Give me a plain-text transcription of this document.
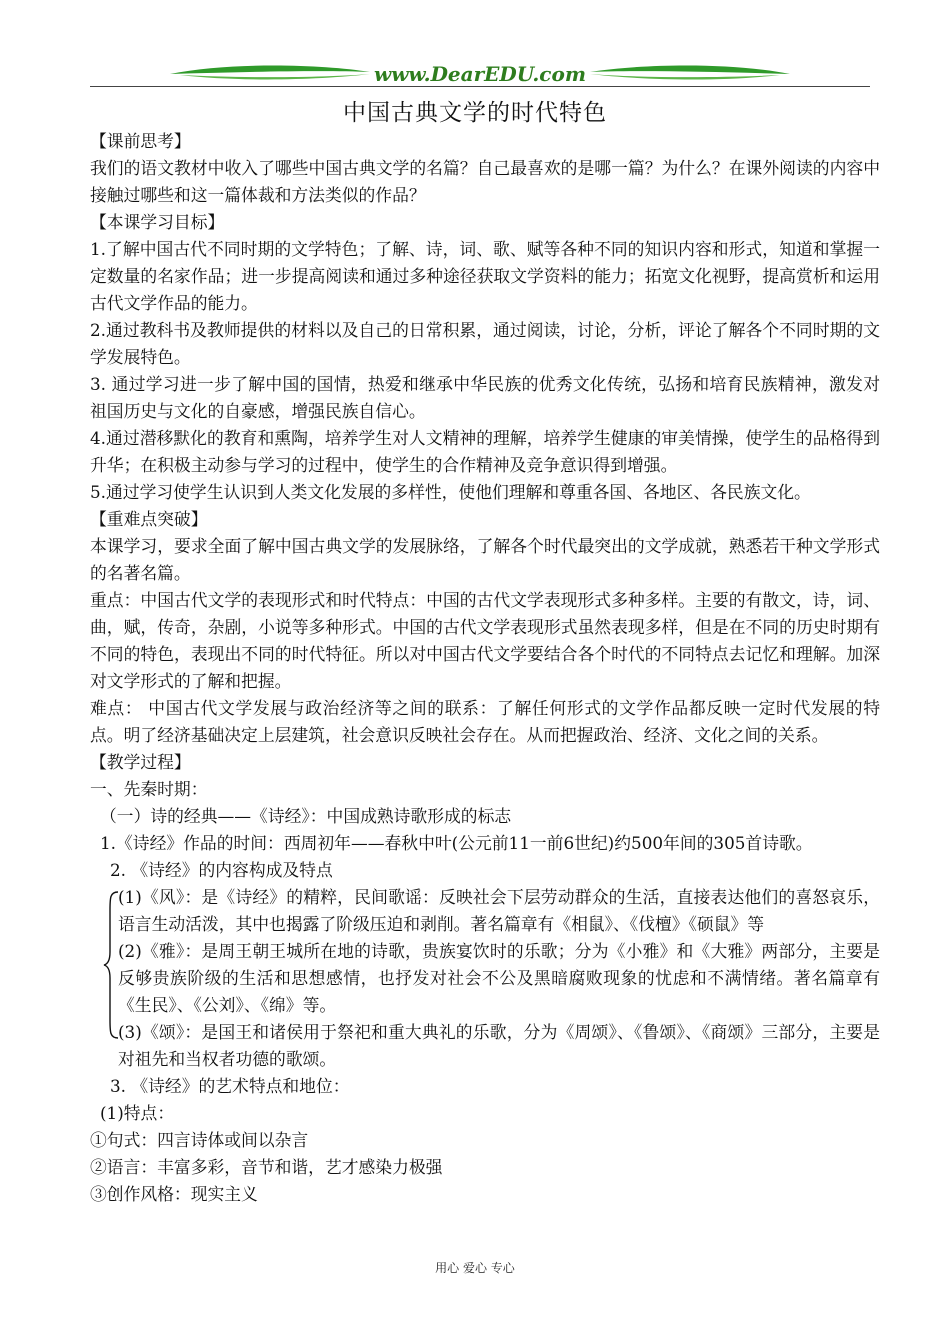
www.DearEDU.com
中国古典文学的时代特色

【课前思考】

我们的语文教材中收入了哪些中国古典文学的名篇？自己最喜欢的是哪一篇？为什么？在课外阅读的内容中接触过哪些和这一篇体裁和方法类似的作品？

【本课学习目标】

1.了解中国古代不同时期的文学特色；了解、诗，词、歌、赋等各种不同的知识内容和形式，知道和掌握一定数量的名家作品；进一步提高阅读和通过多种途径获取文学资料的能力；拓宽文化视野，提高赏析和运用古代文学作品的能力。

2.通过教科书及教师提供的材料以及自己的日常积累，通过阅读，讨论，分析，评论了解各个不同时期的文学发展特色。

3. 通过学习进一步了解中国的国情，热爱和继承中华民族的优秀文化传统，弘扬和培育民族精神，激发对祖国历史与文化的自豪感，增强民族自信心。

4.通过潜移默化的教育和熏陶，培养学生对人文精神的理解，培养学生健康的审美情操，使学生的品格得到升华；在积极主动参与学习的过程中，使学生的合作精神及竞争意识得到增强。

5.通过学习使学生认识到人类文化发展的多样性，使他们理解和尊重各国、各地区、各民族文化。

【重难点突破】

本课学习，要求全面了解中国古典文学的发展脉络，了解各个时代最突出的文学成就，熟悉若干种文学形式的名著名篇。

重点：中国古代文学的表现形式和时代特点：中国的古代文学表现形式多种多样。主要的有散文，诗，词、曲，赋，传奇，杂剧，小说等多种形式。中国的古代文学表现形式虽然表现多样，但是在不同的历史时期有不同的特色，表现出不同的时代特征。所以对中国古代文学要结合各个时代的不同特点去记忆和理解。加深对文学形式的了解和把握。

难点： 中国古代文学发展与政治经济等之间的联系：了解任何形式的文学作品都反映一定时代发展的特点。明了经济基础决定上层建筑，社会意识反映社会存在。从而把握政治、经济、文化之间的关系。

【教学过程】

一、先秦时期：

（一）诗的经典——《诗经》：中国成熟诗歌形成的标志

1.《诗经》作品的时间：西周初年——春秋中叶(公元前11一前6世纪)约500年间的305首诗歌。

2. 《诗经》的内容构成及特点

(1)《风》：是《诗经》的精粹，民间歌谣：反映社会下层劳动群众的生活，直接表达他们的喜怒哀乐，语言生动活泼，其中也揭露了阶级压迫和剥削。著名篇章有《相鼠》、《伐檀》《硕鼠》等

(2)《雅》：是周王朝王城所在地的诗歌，贵族宴饮时的乐歌；分为《小雅》和《大雅》两部分，主要是反够贵族阶级的生活和思想感情，也抒发对社会不公及黑暗腐败现象的忧虑和不满情绪。著名篇章有《生民》、《公刘》、《绵》等。

(3)《颂》：是国王和诸侯用于祭祀和重大典礼的乐歌，分为《周颂》、《鲁颂》、《商颂》三部分，主要是对祖先和当权者功德的歌颂。

3. 《诗经》的艺术特点和地位：

(1)特点：

①句式：四言诗体或间以杂言

②语言：丰富多彩，音节和谐，艺才感染力极强

③创作风格：现实主义

用心 爱心 专心
